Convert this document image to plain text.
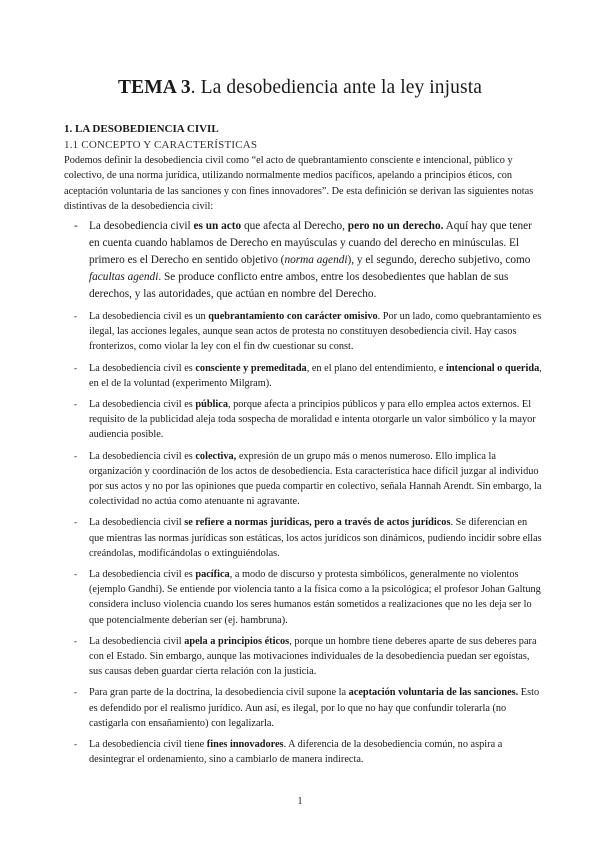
TEMA 3. La desobediencia ante la ley injusta
1. LA DESOBEDIENCIA CIVIL
1.1 CONCEPTO Y CARACTERÍSTICAS
Podemos definir la desobediencia civil como “el acto de quebrantamiento consciente e intencional, público y colectivo, de una norma jurídica, utilizando normalmente medios pacíficos, apelando a principios éticos, con aceptación voluntaria de las sanciones y con fines innovadores”. De esta definición se derivan las siguientes notas distintivas de la desobediencia civil:
- La desobediencia civil es un acto que afecta al Derecho, pero no un derecho. Aquí hay que tener en cuenta cuando hablamos de Derecho en mayúsculas y cuando del derecho en minúsculas. El primero es el Derecho en sentido objetivo (norma agendi), y el segundo, derecho subjetivo, como facultas agendi. Se produce conflicto entre ambos, entre los desobedientes que hablan de sus derechos, y las autoridades, que actúan en nombre del Derecho.
- La desobediencia civil es un quebrantamiento con carácter omisivo. Por un lado, como quebrantamiento es ilegal, las acciones legales, aunque sean actos de protesta no constituyen desobediencia civil. Hay casos fronterizos, como violar la ley con el fin dw cuestionar su const.
- La desobediencia civil es consciente y premeditada, en el plano del entendimiento, e intencional o querida, en el de la voluntad (experimento Milgram).
- La desobediencia civil es pública, porque afecta a principios públicos y para ello emplea actos externos. El requisito de la publicidad aleja toda sospecha de moralidad e intenta otorgarle un valor simbólico y la mayor audiencia posible.
- La desobediencia civil es colectiva, expresión de un grupo más o menos numeroso. Ello implica la organización y coordinación de los actos de desobediencia. Esta característica hace difícil juzgar al individuo por sus actos y no por las opiniones que pueda compartir en colectivo, señala Hannah Arendt. Sin embargo, la colectividad no actúa como atenuante ni agravante.
- La desobediencia civil se refiere a normas jurídicas, pero a través de actos jurídicos. Se diferencian en que mientras las normas jurídicas son estáticas, los actos jurídicos son dinámicos, pudiendo incidir sobre ellas creándolas, modificándolas o extinguiéndolas.
- La desobediencia civil es pacífica, a modo de discurso y protesta simbólicos, generalmente no violentos (ejemplo Gandhi). Se entiende por violencia tanto a la física como a la psicológica; el profesor Johan Galtung considera incluso violencia cuando los seres humanos están sometidos a realizaciones que no les deja ser lo que potencialmente deberían ser (ej. hambruna).
- La desobediencia civil apela a principios éticos, porque un hombre tiene deberes aparte de sus deberes para con el Estado. Sin embargo, aunque las motivaciones individuales de la desobediencia puedan ser egoístas, sus causas deben guardar cierta relación con la justicia.
- Para gran parte de la doctrina, la desobediencia civil supone la aceptación voluntaria de las sanciones. Esto es defendido por el realismo jurídico. Aun así, es ilegal, por lo que no hay que confundir tolerarla (no castigarla con ensañamiento) con legalizarla.
- La desobediencia civil tiene fines innovadores. A diferencia de la desobediencia común, no aspira a desintegrar el ordenamiento, sino a cambiarlo de manera indirecta.
1
